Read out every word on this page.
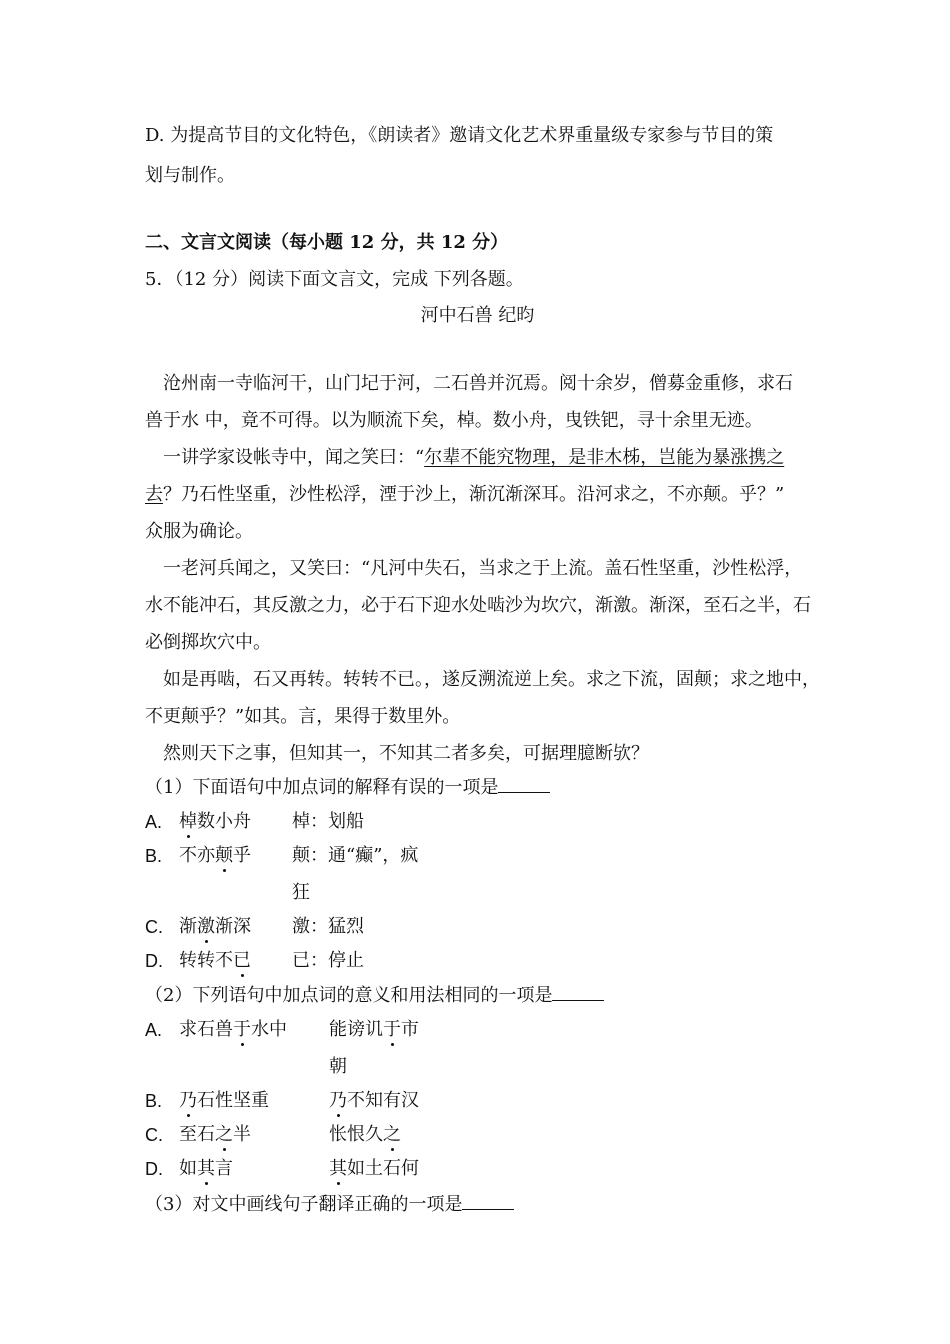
D. 为提高节目的文化特色，《朗读者》邀请文化艺术界重量级专家参与节目的策
划与制作。
二、文言文阅读（每小题 12 分，共 12 分）
5．（12 分）阅读下面文言文，完成 下列各题。
河中石兽 纪昀
沧州南一寺临河干，山门圮于河，二石兽并沉焉。阅十余岁，僧募金重修，求石
兽于水 中，竟不可得。以为顺流下矣，棹。数小舟，曳铁钯，寻十余里无迹。
一讲学家设帐寺中，闻之笑曰：“尔辈不能究物理，是非木柹，岂能为暴涨携之
去？乃石性坚重，沙性松浮，湮于沙上，渐沉渐深耳。沿河求之，不亦颠。乎？”
众服为确论。
一老河兵闻之，又笑曰：“凡河中失石，当求之于上流。盖石性坚重，沙性松浮，
水不能冲石，其反激之力，必于石下迎水处啮沙为坎穴，渐激。渐深，至石之半，石
必倒掷坎穴中。
如是再啮，石又再转。转转不已。，遂反溯流逆上矣。求之下流，固颠；求之地中，
不更颠乎？”如其。言，果得于数里外。
然则天下之事，但知其一，不知其二者多矣，可据理臆断欤？
（1）下面语句中加点词的解释有误的一项是
A. 棹数小舟 棹：划船
B. 不亦颠乎 颠：通“癫”，疯
狂
C. 渐激渐深 激：猛烈
D. 转转不已 已：停止
（2）下列语句中加点词的意义和用法相同的一项是
A. 求石兽于水中 能谤讥于市
朝
B. 乃石性坚重	乃不知有汉
C. 至石之半	怅恨久之
D. 如其言	其如土石何
（3）对文中画线句子翻译正确的一项是
